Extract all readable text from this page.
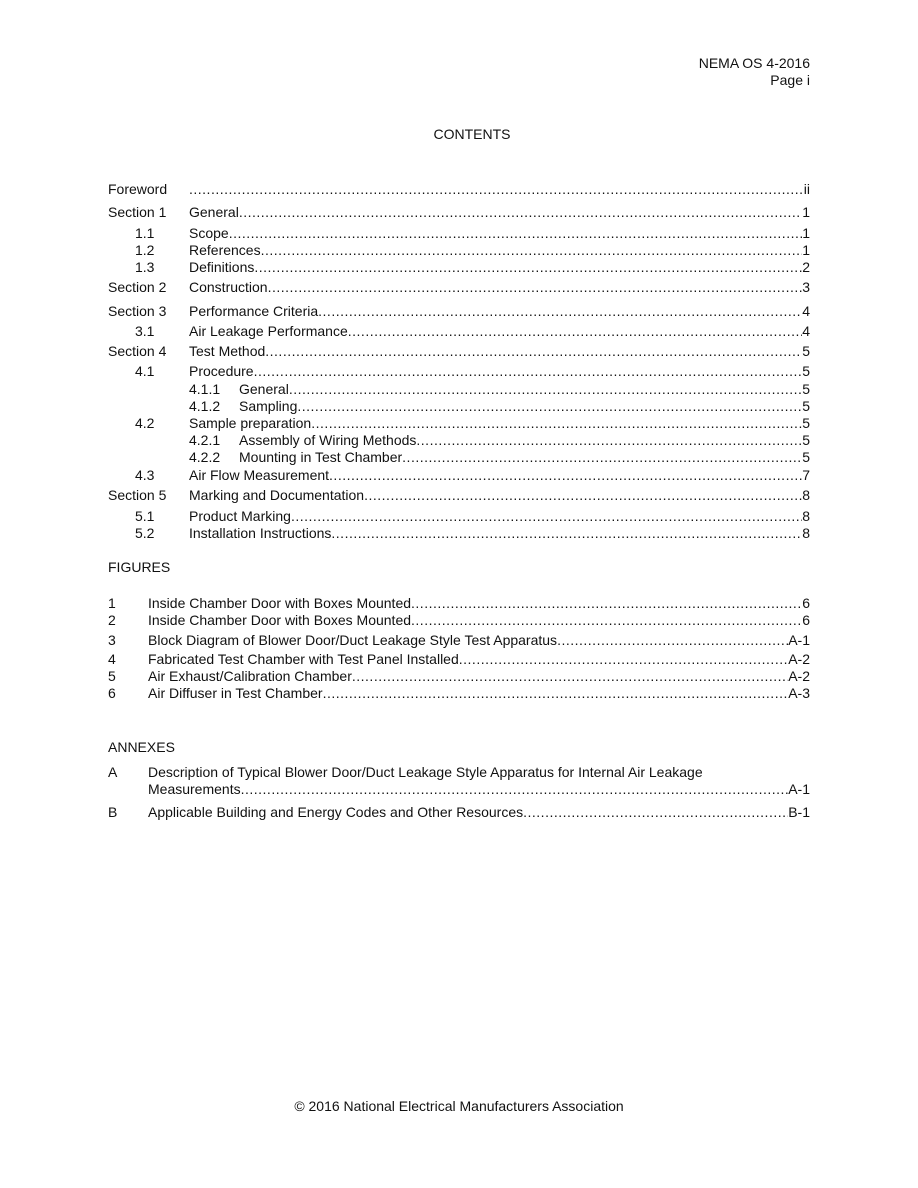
NEMA OS 4-2016
Page i
CONTENTS
Foreword .....	ii
Section 1 General .....	1
1.1 Scope .....	1
1.2 References .....	1
1.3 Definitions .....	2
Section 2 Construction .....	3
Section 3 Performance Criteria .....	4
3.1 Air Leakage Performance .....	4
Section 4 Test Method .....	5
4.1 Procedure .....	5
4.1.1 General .....	5
4.1.2 Sampling .....	5
4.2 Sample preparation .....	5
4.2.1 Assembly of Wiring Methods .....	5
4.2.2 Mounting in Test Chamber .....	5
4.3 Air Flow Measurement .....	7
Section 5 Marking and Documentation .....	8
5.1 Product Marking .....	8
5.2 Installation Instructions .....	8
FIGURES
1 Inside Chamber Door with Boxes Mounted .....	6
2 Inside Chamber Door with Boxes Mounted .....	6
3 Block Diagram of Blower Door/Duct Leakage Style Test Apparatus .....	A-1
4 Fabricated Test Chamber with Test Panel Installed .....	A-2
5 Air Exhaust/Calibration Chamber .....	A-2
6 Air Diffuser in Test Chamber .....	A-3
ANNEXES
A Description of Typical Blower Door/Duct Leakage Style Apparatus for Internal Air Leakage
Measurements .....	A-1
B Applicable Building and Energy Codes and Other Resources .....	B-1
© 2016 National Electrical Manufacturers Association
